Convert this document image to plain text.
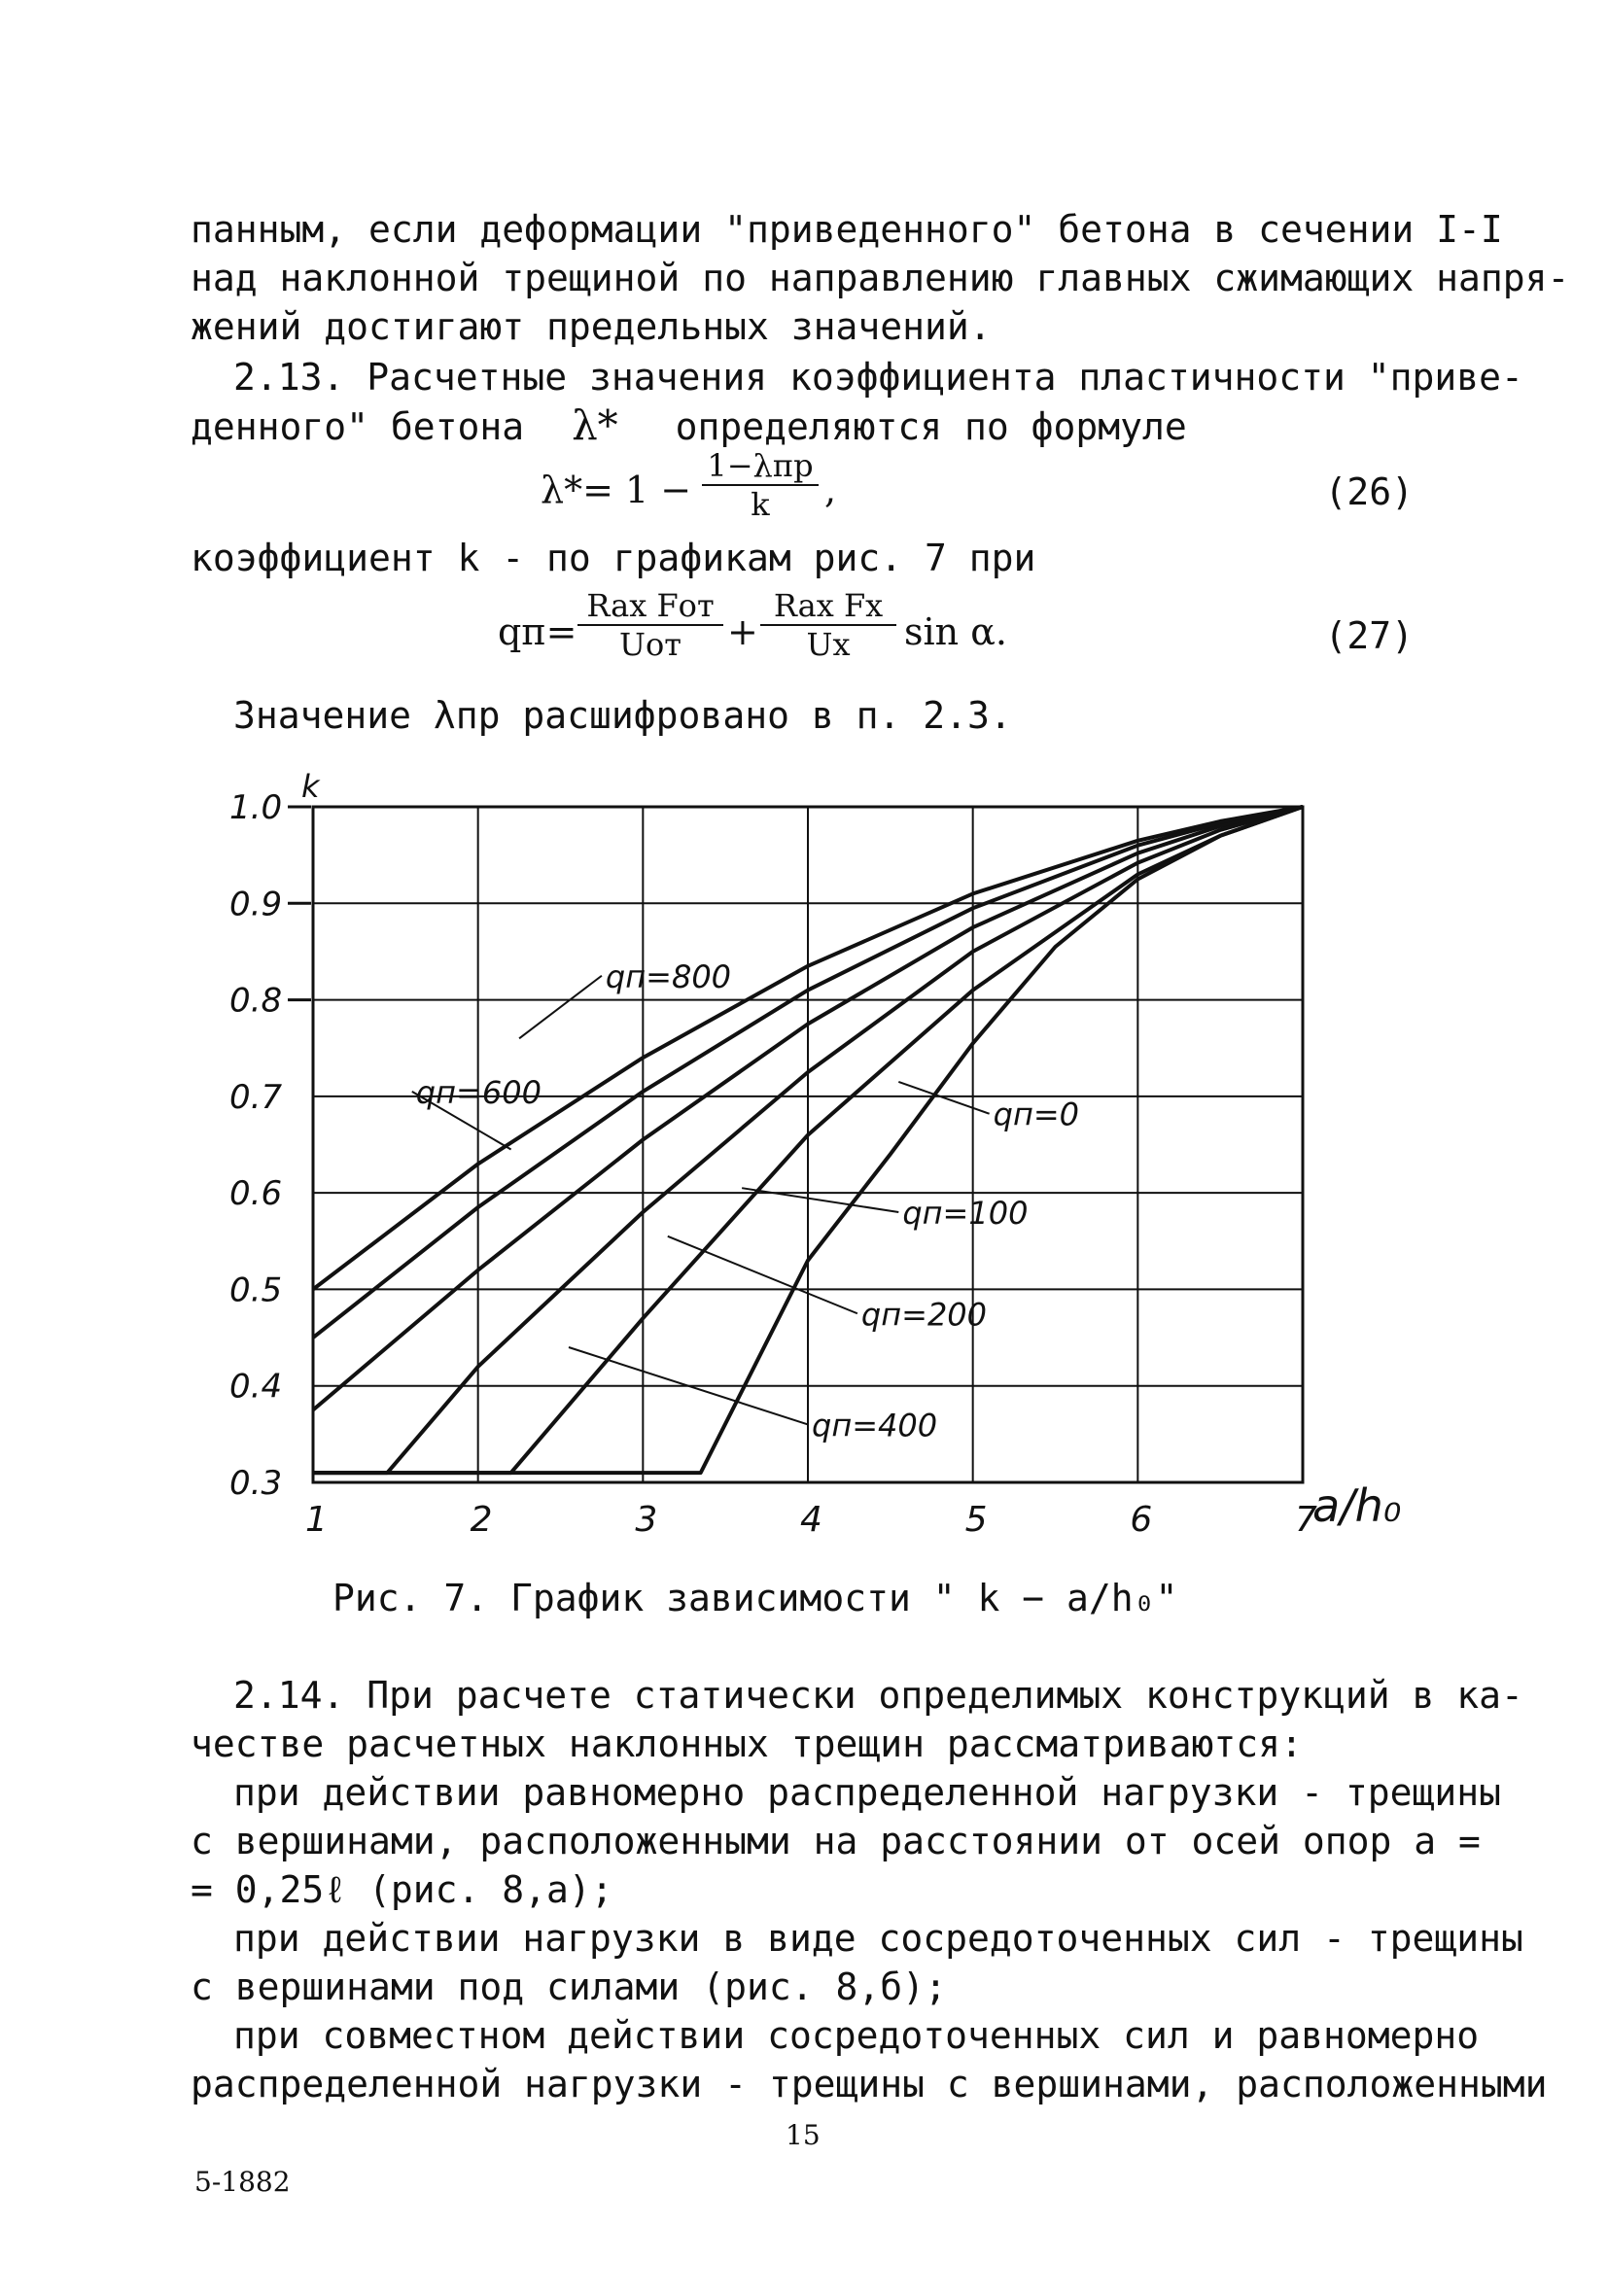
панным, если деформации "приведенного" бетона в сечении I-I
над наклонной трещиной по направлению главных сжимающих напря-
жений достигают предельных значений.
2.13. Расчетные значения коэффициента пластичности "приве-
денного" бетона λ* определяются по формуле
λ*= 1 −
1−λпр
k	,	(26)
коэффициент k - по графикам рис. 7 при
qп=
Rax Fот
Uот	+
Rax Fx
Ux	sin α.	(27)
Значение λпр расшифровано в п. 2.3.
qп=800
qп=600
qп=0
qп=100
qп=200
qп=400
1	2	3	4	5	6	7
0.3
0.4
0.5
0.6
0.7
0.8
0.9
1.0
k
a/h₀
Рис. 7. График зависимости " k − a/h₀"
2.14. При расчете статически определимых конструкций в ка-
честве расчетных наклонных трещин рассматриваются:
при действии равномерно распределенной нагрузки - трещины
с вершинами, расположенными на расстоянии от осей опор a =
= 0,25ℓ (рис. 8,а);
при действии нагрузки в виде сосредоточенных сил - трещины
с вершинами под силами (рис. 8,б);
при совместном действии сосредоточенных сил и равномерно
распределенной нагрузки - трещины с вершинами, расположенными
15
5-1882
